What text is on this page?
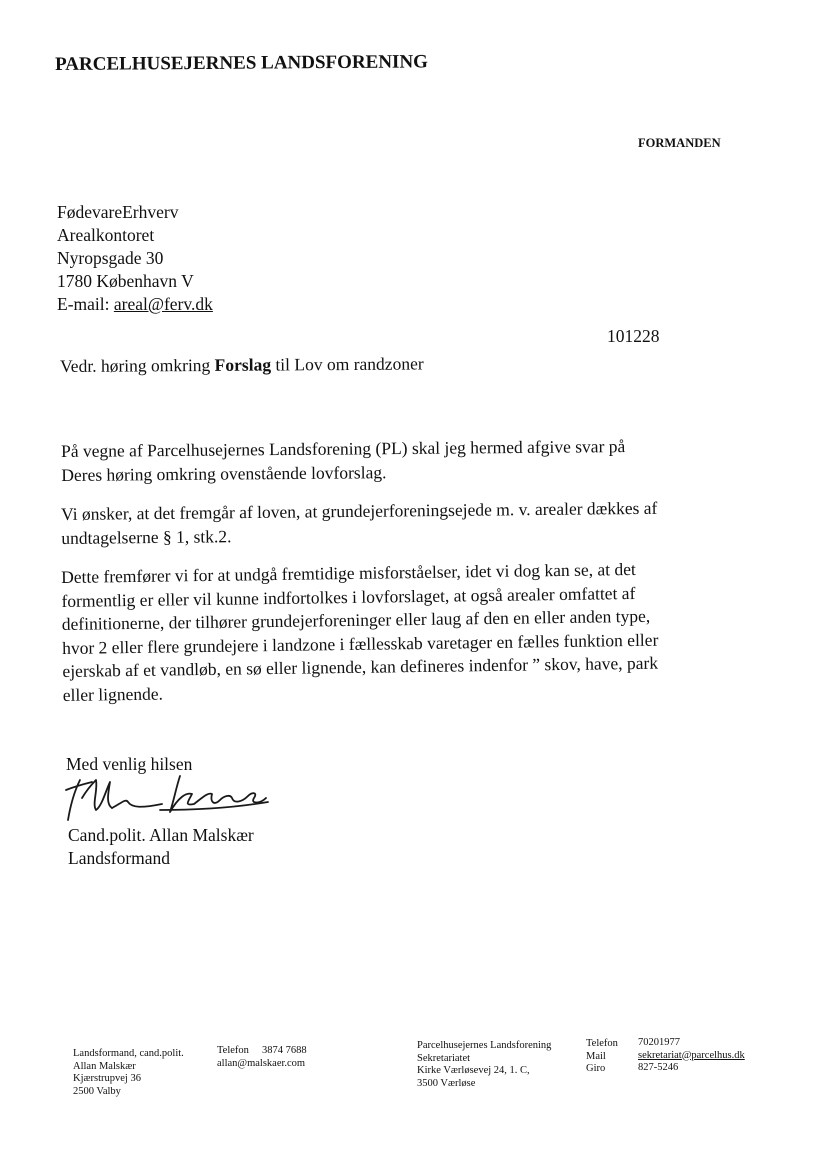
PARCELHUSEJERNES LANDSFORENING
FORMANDEN
FødevareErhverv
Arealkontoret
Nyropsgade 30
1780 København V
E-mail: areal@ferv.dk
101228
Vedr. høring omkring Forslag til Lov om randzoner
På vegne af Parcelhusejernes Landsforening (PL) skal jeg hermed afgive svar på
Deres høring omkring ovenstående lovforslag.
Vi ønsker, at det fremgår af loven, at grundejerforeningsejede m. v. arealer dækkes af
undtagelserne § 1, stk.2.
Dette fremfører vi for at undgå fremtidige misforståelser, idet vi dog kan se, at det
formentlig er eller vil kunne indfortolkes i lovforslaget, at også arealer omfattet af
definitionerne, der tilhører grundejerforeninger eller laug af den en eller anden type,
hvor 2 eller flere grundejere i landzone i fællesskab varetager en fælles funktion eller
ejerskab af et vandløb, en sø eller lignende, kan defineres indenfor ” skov, have, park
eller lignende.
Med venlig hilsen
Cand.polit. Allan Malskær
Landsformand
Landsformand, cand.polit.
Allan Malskær
Kjærstrupvej 36
2500 Valby
Telefon 3874 7688
allan@malskaer.com
Parcelhusejernes Landsforening
Sekretariatet
Kirke Værløsevej 24, 1. C,
3500 Værløse
Telefon
Mail
Giro
70201977
sekretariat@parcelhus.dk
827-5246
